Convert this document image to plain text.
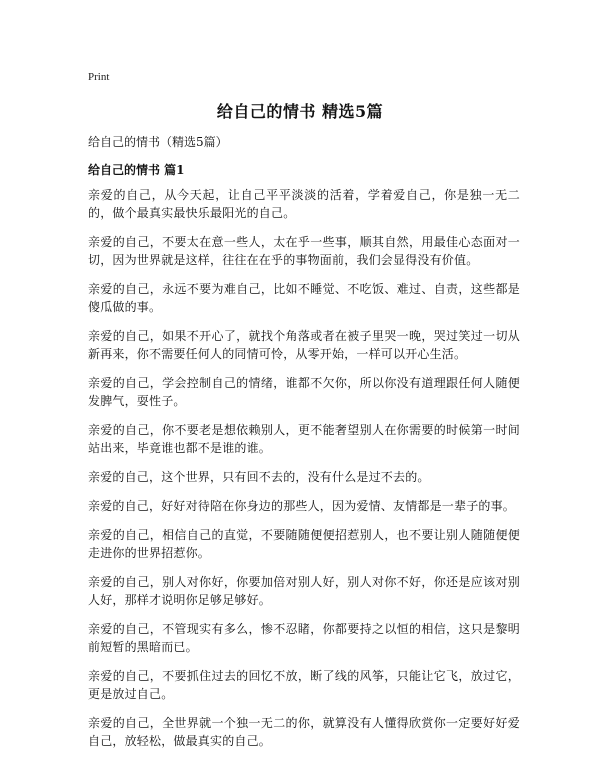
Print
给自己的情书 精选5篇

给自己的情书（精选5篇）

给自己的情书 篇1

亲爱的自己，从今天起，让自己平平淡淡的活着，学着爱自己，你是独一无二的，做个最真实最快乐最阳光的自己。

亲爱的自己，不要太在意一些人，太在乎一些事，顺其自然，用最佳心态面对一切，因为世界就是这样，往往在在乎的事物面前，我们会显得没有价值。

亲爱的自己，永远不要为难自己，比如不睡觉、不吃饭、难过、自责，这些都是傻瓜做的事。

亲爱的自己，如果不开心了，就找个角落或者在被子里哭一晚，哭过笑过一切从新再来，你不需要任何人的同情可怜，从零开始，一样可以开心生活。

亲爱的自己，学会控制自己的情绪，谁都不欠你，所以你没有道理跟任何人随便发脾气，耍性子。

亲爱的自己，你不要老是想依赖别人，更不能奢望别人在你需要的时候第一时间站出来，毕竟谁也都不是谁的谁。

亲爱的自己，这个世界，只有回不去的，没有什么是过不去的。

亲爱的自己，好好对待陪在你身边的那些人，因为爱情、友情都是一辈子的事。

亲爱的自己，相信自己的直觉，不要随随便便招惹别人，也不要让别人随随便便走进你的世界招惹你。

亲爱的自己，别人对你好，你要加倍对别人好，别人对你不好，你还是应该对别人好，那样才说明你足够足够好。

亲爱的自己，不管现实有多么，惨不忍睹，你都要持之以恒的相信，这只是黎明前短暂的黑暗而已。

亲爱的自己，不要抓住过去的回忆不放，断了线的风筝，只能让它飞，放过它，更是放过自己。

亲爱的自己，全世界就一个独一无二的你，就算没有人懂得欣赏你一定要好好爱自己，放轻松，做最真实的自己。
